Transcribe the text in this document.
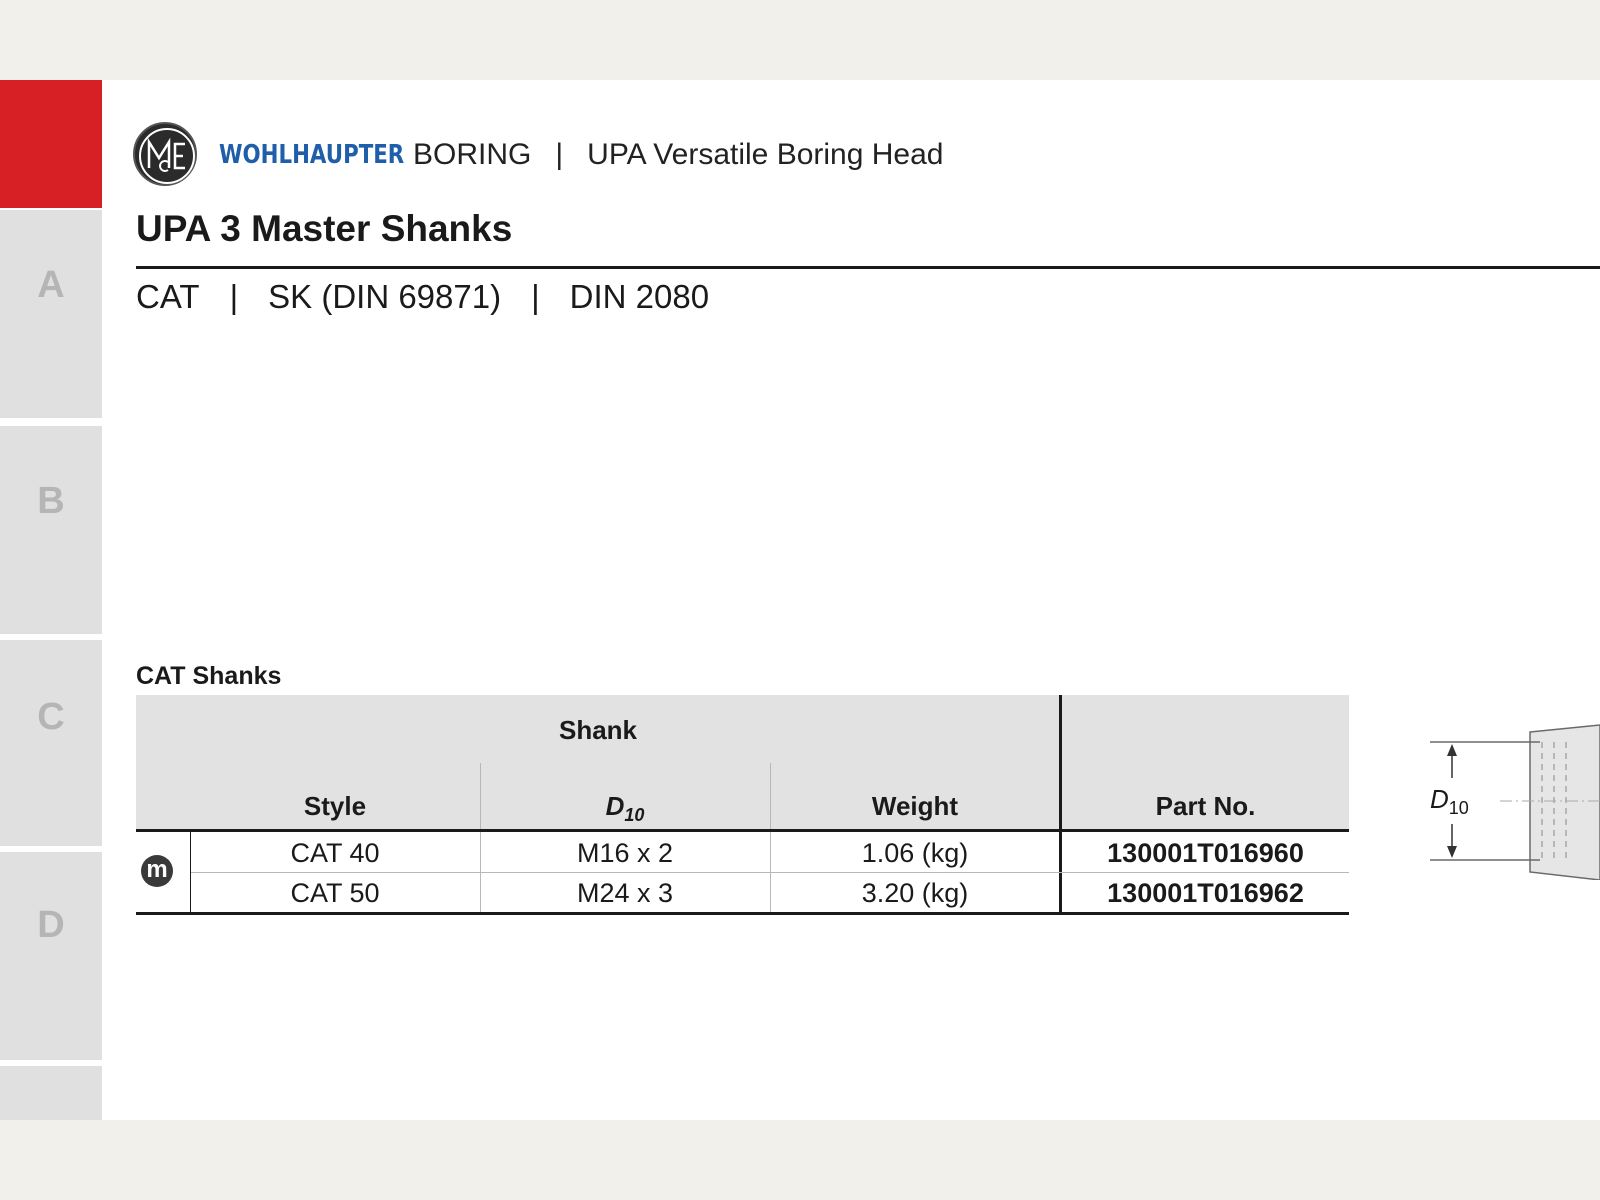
A
B
C
D
WOHLHAUPTER BORING | UPA Versatile Boring Head
UPA 3 Master Shanks
CAT | SK (DIN 69871) | DIN 2080
CAT Shanks
Shank
Style	$D_{10}$	Weight	Part No.
m
CAT 40	M16 x 2	1.06 (kg)	130001T016960
CAT 50	M24 x 3	3.20 (kg)	130001T016962
$D_{10}$
